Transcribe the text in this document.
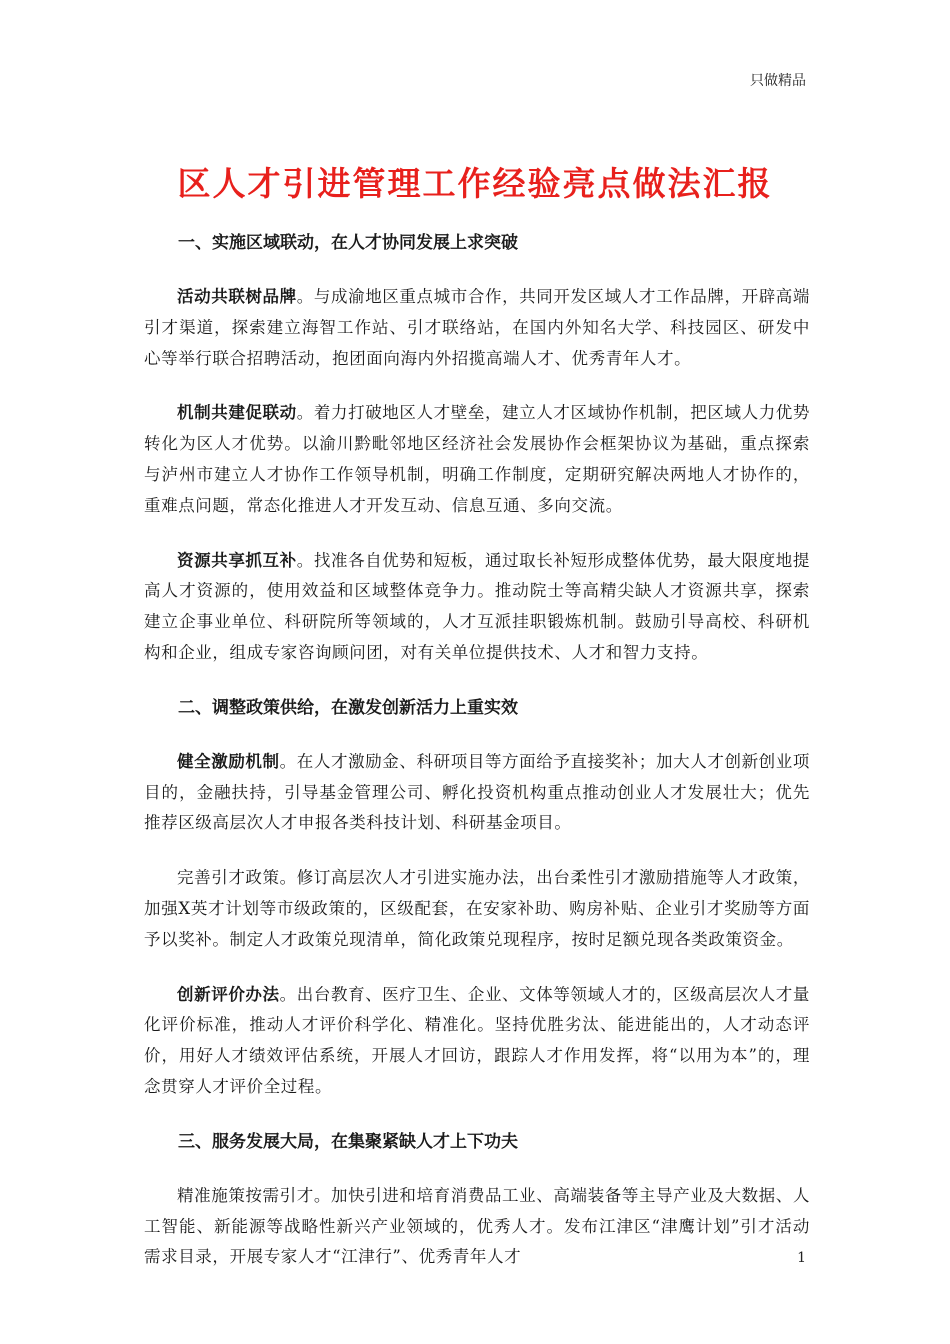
只做精品
区人才引进管理工作经验亮点做法汇报
一、实施区域联动，在人才协同发展上求突破

活动共联树品牌。与成渝地区重点城市合作，共同开发区域人才工作品牌，开辟高端引才渠道，探索建立海智工作站、引才联络站，在国内外知名大学、科技园区、研发中心等举行联合招聘活动，抱团面向海内外招揽高端人才、优秀青年人才。

机制共建促联动。着力打破地区人才壁垒，建立人才区域协作机制，把区域人力优势转化为区人才优势。以渝川黔毗邻地区经济社会发展协作会框架协议为基础，重点探索与泸州市建立人才协作工作领导机制，明确工作制度，定期研究解决两地人才协作的，重难点问题，常态化推进人才开发互动、信息互通、多向交流。

资源共享抓互补。找准各自优势和短板，通过取长补短形成整体优势，最大限度地提高人才资源的，使用效益和区域整体竞争力。推动院士等高精尖缺人才资源共享，探索建立企事业单位、科研院所等领域的，人才互派挂职锻炼机制。鼓励引导高校、科研机构和企业，组成专家咨询顾问团，对有关单位提供技术、人才和智力支持。

二、调整政策供给，在激发创新活力上重实效

健全激励机制。在人才激励金、科研项目等方面给予直接奖补；加大人才创新创业项目的，金融扶持，引导基金管理公司、孵化投资机构重点推动创业人才发展壮大；优先推荐区级高层次人才申报各类科技计划、科研基金项目。

完善引才政策。修订高层次人才引进实施办法，出台柔性引才激励措施等人才政策，加强X英才计划等市级政策的，区级配套，在安家补助、购房补贴、企业引才奖励等方面予以奖补。制定人才政策兑现清单，简化政策兑现程序，按时足额兑现各类政策资金。

创新评价办法。出台教育、医疗卫生、企业、文体等领域人才的，区级高层次人才量化评价标准，推动人才评价科学化、精准化。坚持优胜劣汰、能进能出的，人才动态评价，用好人才绩效评估系统，开展人才回访，跟踪人才作用发挥，将“以用为本”的，理念贯穿人才评价全过程。

三、服务发展大局，在集聚紧缺人才上下功夫

精准施策按需引才。加快引进和培育消费品工业、高端装备等主导产业及大数据、人工智能、新能源等战略性新兴产业领域的，优秀人才。发布江津区“津鹰计划”引才活动需求目录，开展专家人才“江津行”、优秀青年人才	1
